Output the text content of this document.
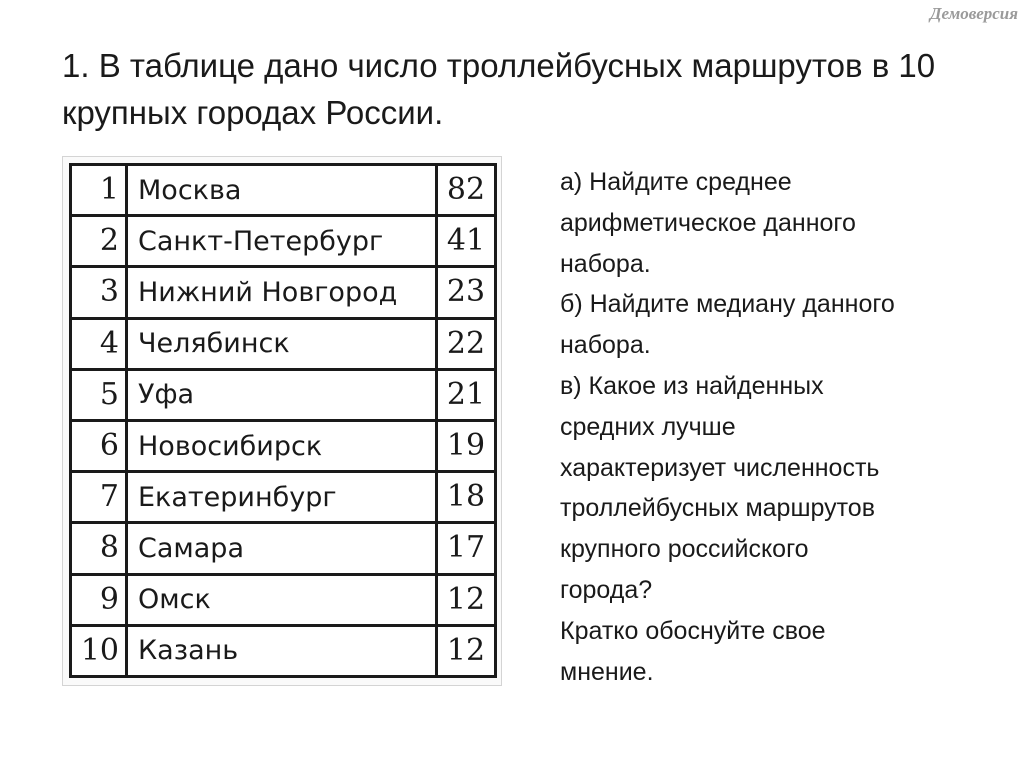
Демоверсия
1. В таблице дано число троллейбусных маршрутов в 10 крупных городах России.
1	Москва	82
2	Санкт-Петербург	41
3	Нижний Новгород	23
4	Челябинск	22
5	Уфа	21
6	Новосибирск	19
7	Екатеринбург	18
8	Самара	17
9	Омск	12
10	Казань	12
а) Найдите среднее
арифметическое данного
набора.
б) Найдите медиану данного
набора.
в) Какое из найденных
средних лучше
характеризует численность
троллейбусных маршрутов
крупного российского
города?
Кратко обоснуйте свое
мнение.
